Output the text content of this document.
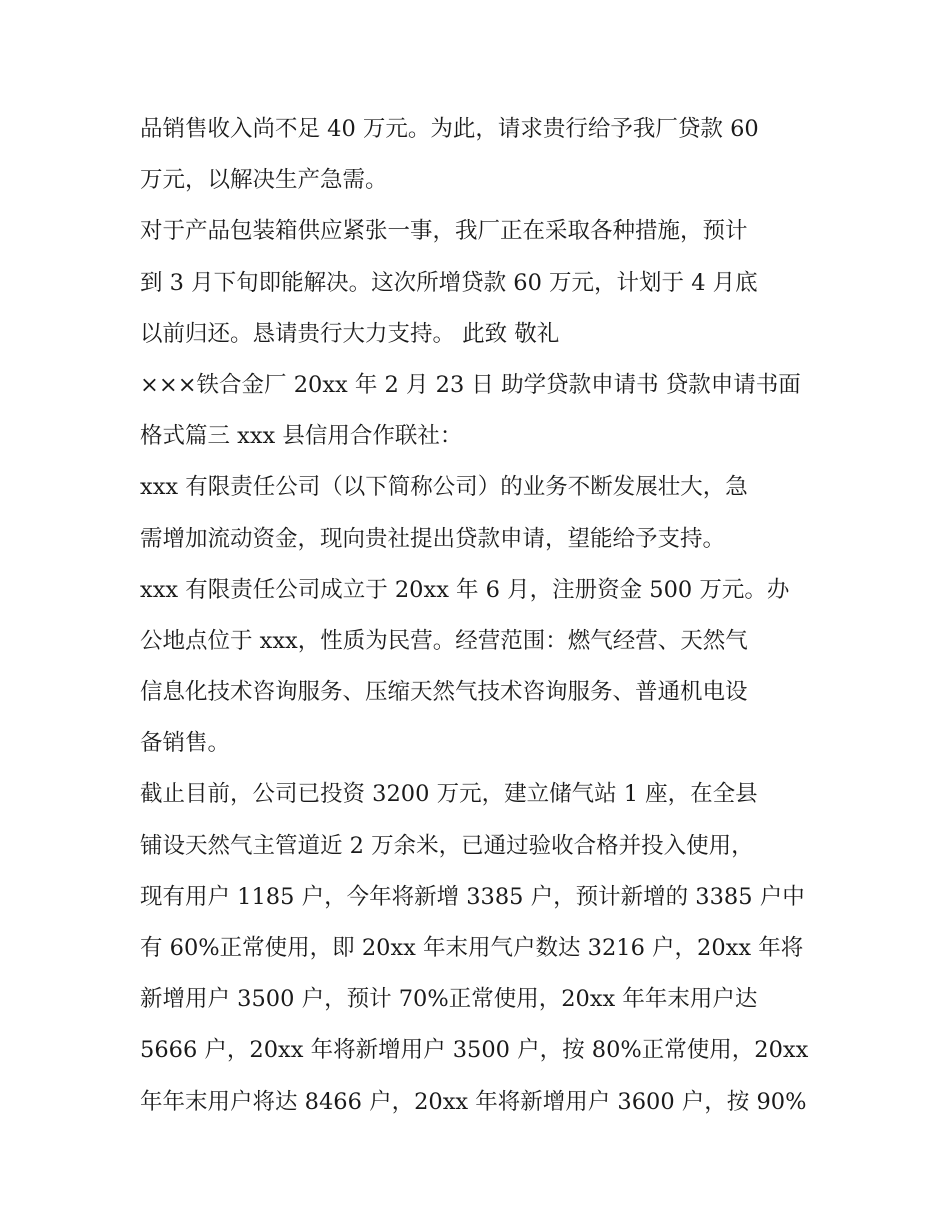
品销售收入尚不足 40 万元。为此，请求贵行给予我厂贷款 60
万元，以解决生产急需。
对于产品包装箱供应紧张一事，我厂正在采取各种措施，预计
到 3 月下旬即能解决。这次所增贷款 60 万元，计划于 4 月底
以前归还。恳请贵行大力支持。 此致 敬礼
×××铁合金厂 20xx 年 2 月 23 日 助学贷款申请书 贷款申请书面
格式篇三 xxx 县信用合作联社：
xxx 有限责任公司（以下简称公司）的业务不断发展壮大，急
需增加流动资金，现向贵社提出贷款申请，望能给予支持。
xxx 有限责任公司成立于 20xx 年 6 月，注册资金 500 万元。办
公地点位于 xxx，性质为民营。经营范围：燃气经营、天然气
信息化技术咨询服务、压缩天然气技术咨询服务、普通机电设
备销售。
截止目前，公司已投资 3200 万元，建立储气站 1 座，在全县
铺设天然气主管道近 2 万余米，已通过验收合格并投入使用，
现有用户 1185 户，今年将新增 3385 户，预计新增的 3385 户中
有 60%正常使用，即 20xx 年末用气户数达 3216 户，20xx 年将
新增用户 3500 户，预计 70%正常使用，20xx 年年末用户达
5666 户，20xx 年将新增用户 3500 户，按 80%正常使用，20xx
年年末用户将达 8466 户，20xx 年将新增用户 3600 户，按 90%
